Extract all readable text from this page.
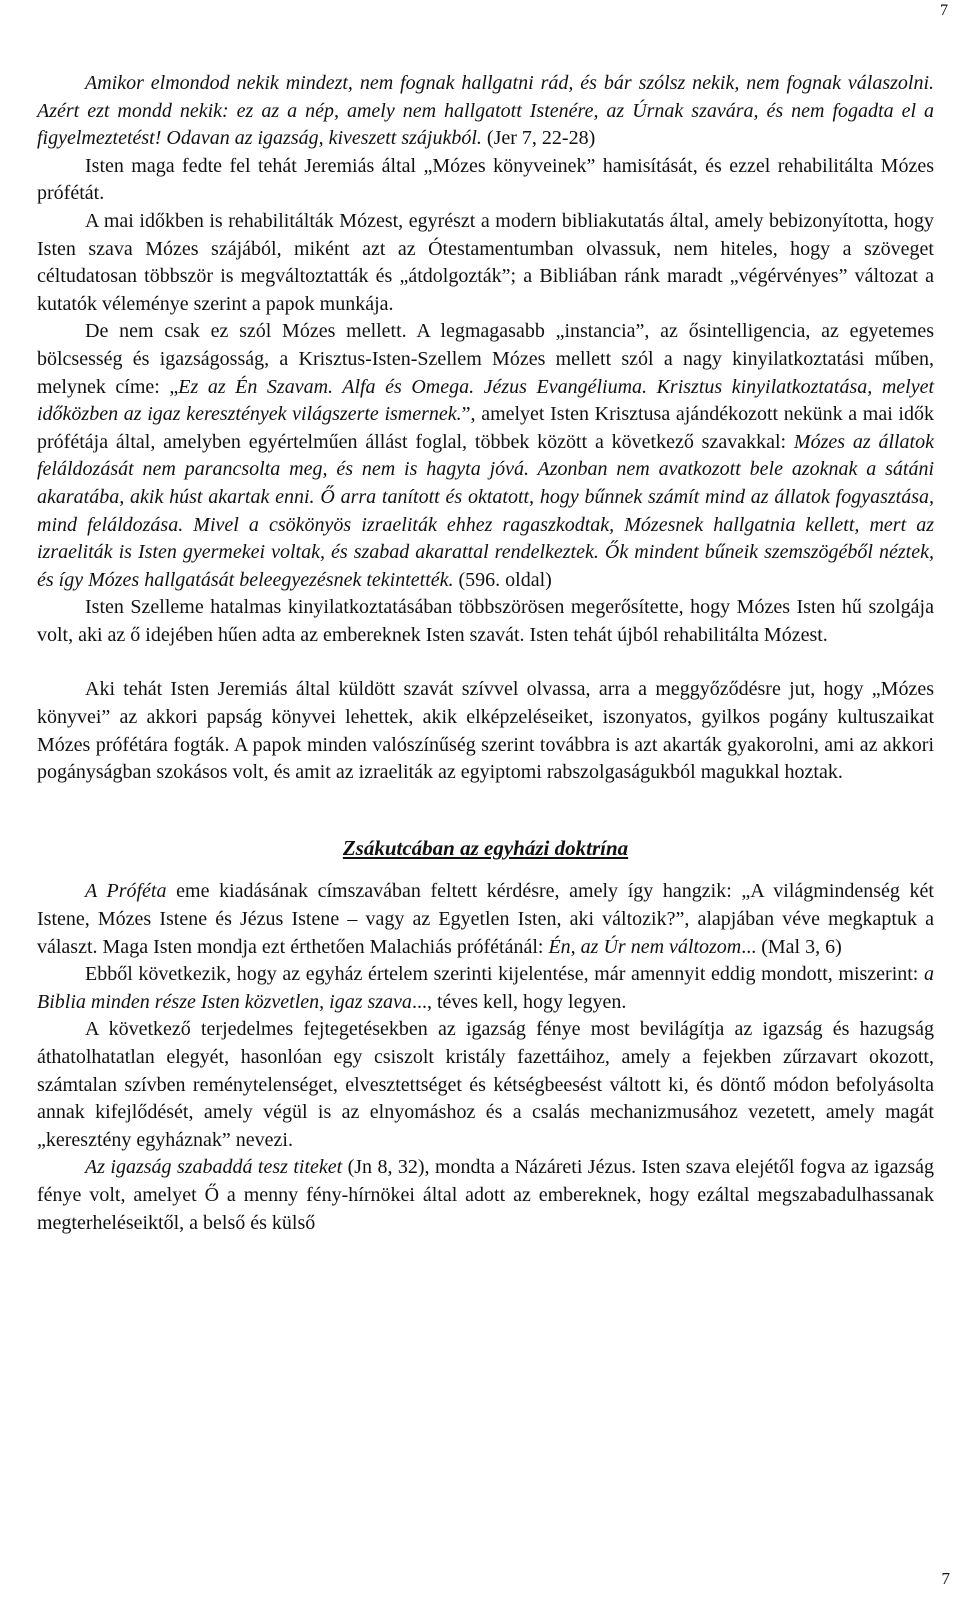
7

Amikor elmondod nekik mindezt, nem fognak hallgatni rád, és bár szólsz nekik, nem fognak válaszolni. Azért ezt mondd nekik: ez az a nép, amely nem hallgatott Istenére, az Úrnak szavára, és nem fogadta el a figyelmeztetést! Odavan az igazság, kiveszett szájukból. (Jer 7, 22-28)

Isten maga fedte fel tehát Jeremiás által „Mózes könyveinek” hamisítását, és ezzel rehabilitálta Mózes prófétát.

A mai időkben is rehabilitálták Mózest, egyrészt a modern bibliakutatás által, amely bebizonyította, hogy Isten szava Mózes szájából, miként azt az Ótestamentumban olvassuk, nem hiteles, hogy a szöveget céltudatosan többször is megváltoztatták és „átdolgozták”; a Bibliában ránk maradt „végérvényes” változat a kutatók véleménye szerint a papok munkája.

De nem csak ez szól Mózes mellett. A legmagasabb „instancia”, az ősintelligencia, az egyetemes bölcsesség és igazságosság, a Krisztus-Isten-Szellem Mózes mellett szól a nagy kinyilatkoztatási műben, melynek címe: „Ez az Én Szavam. Alfa és Omega. Jézus Evangéliuma. Krisztus kinyilatkoztatása, melyet időközben az igaz keresztények világszerte ismernek.”, amelyet Isten Krisztusa ajándékozott nekünk a mai idők prófétája által, amelyben egyértelműen állást foglal, többek között a következő szavakkal: Mózes az állatok feláldozását nem parancsolta meg, és nem is hagyta jóvá. Azonban nem avatkozott bele azoknak a sátáni akaratába, akik húst akartak enni. Ő arra tanított és oktatott, hogy bűnnek számít mind az állatok fogyasztása, mind feláldozása. Mivel a csökönyös izraeliták ehhez ragaszkodtak, Mózesnek hallgatnia kellett, mert az izraeliták is Isten gyermekei voltak, és szabad akarattal rendelkeztek. Ők mindent bűneik szemszögéből néztek, és így Mózes hallgatását beleegyezésnek tekintették. (596. oldal)

Isten Szelleme hatalmas kinyilatkoztatásában többszörösen megerősítette, hogy Mózes Isten hű szolgája volt, aki az ő idejében hűen adta az embereknek Isten szavát. Isten tehát újból rehabilitálta Mózest.

Aki tehát Isten Jeremiás által küldött szavát szívvel olvassa, arra a meggyőződésre jut, hogy „Mózes könyvei” az akkori papság könyvei lehettek, akik elképzeléseiket, iszonyatos, gyilkos pogány kultuszaikat Mózes prófétára fogták. A papok minden valószínűség szerint továbbra is azt akarták gyakorolni, ami az akkori pogányságban szokásos volt, és amit az izraeliták az egyiptomi rabszolgaságukból magukkal hoztak.

Zsákutcában az egyházi doktrína

A Próféta eme kiadásának címszavában feltett kérdésre, amely így hangzik: „A világmindenség két Istene, Mózes Istene és Jézus Istene – vagy az Egyetlen Isten, aki változik?”, alapjában véve megkaptuk a választ. Maga Isten mondja ezt érthetően Malachiás prófétánál: Én, az Úr nem változom... (Mal 3, 6)

Ebből következik, hogy az egyház értelem szerinti kijelentése, már amennyit eddig mondott, miszerint: a Biblia minden része Isten közvetlen, igaz szava..., téves kell, hogy legyen.

A következő terjedelmes fejtegetésekben az igazság fénye most bevilágítja az igazság és hazugság áthatolhatatlan elegyét, hasonlóan egy csiszolt kristály fazettáihoz, amely a fejekben zűrzavart okozott, számtalan szívben reménytelenséget, elvesztettséget és kétségbeesést váltott ki, és döntő módon befolyásolta annak kifejlődését, amely végül is az elnyomáshoz és a csalás mechanizmusához vezetett, amely magát „keresztény egyháznak” nevezi.

Az igazság szabaddá tesz titeket (Jn 8, 32), mondta a Názáreti Jézus. Isten szava elejétől fogva az igazság fénye volt, amelyet Ő a menny fény-hírnökei által adott az embereknek, hogy ezáltal megszabadulhassanak megterheléseiktől, a belső és külső

7
